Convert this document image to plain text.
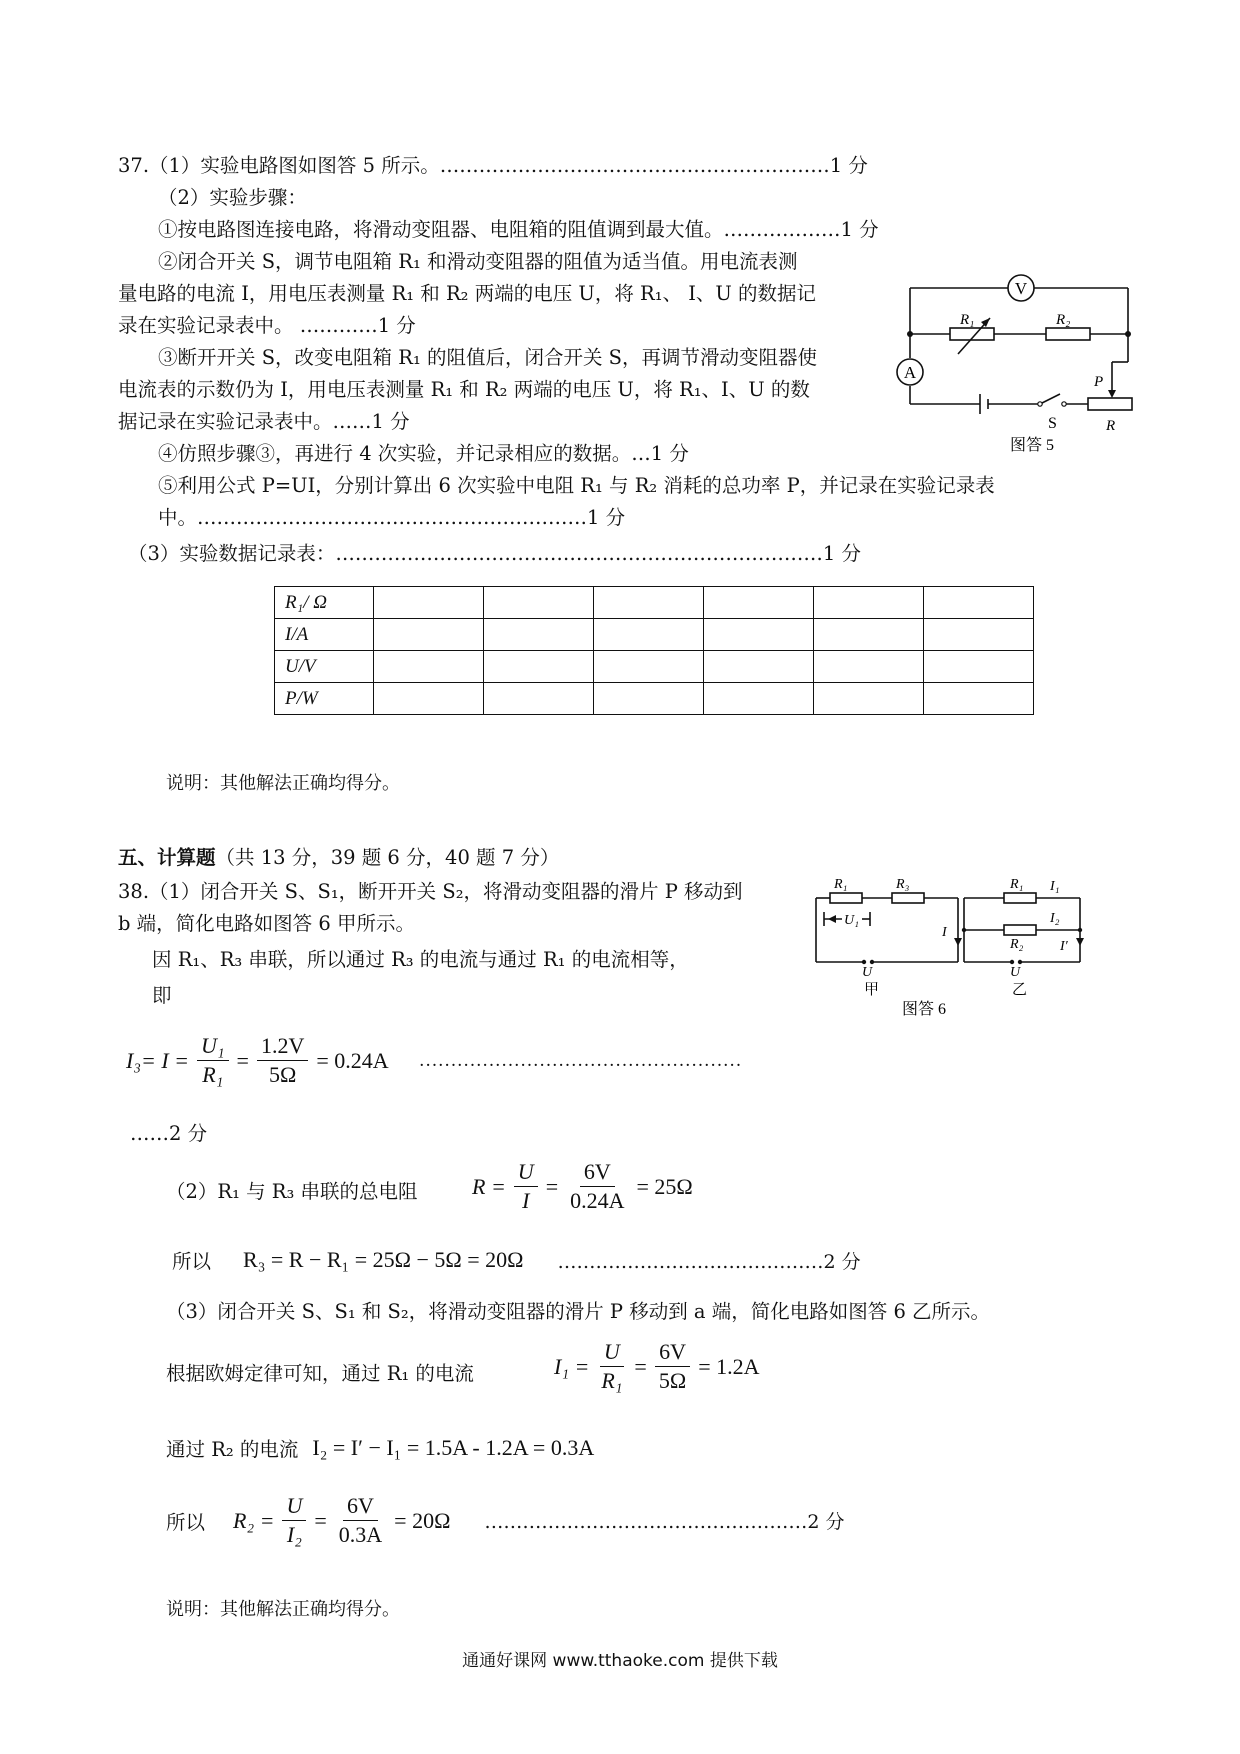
37.（1）实验电路图如图答 5 所示。……………………………………………………1 分
（2）实验步骤：
①按电路图连接电路，将滑动变阻器、电阻箱的阻值调到最大值。………………1 分
②闭合开关 S，调节电阻箱 R₁ 和滑动变阻器的阻值为适当值。用电流表测
量电路的电流 I，用电压表测量 R₁ 和 R₂ 两端的电压 U，将 R₁、 I、U 的数据记
录在实验记录表中。 …………1 分
③断开开关 S，改变电阻箱 R₁ 的阻值后，闭合开关 S，再调节滑动变阻器使
电流表的示数仍为 I，用电压表测量 R₁ 和 R₂ 两端的电压 U，将 R₁、I、U 的数
据记录在实验记录表中。……1 分
④仿照步骤③，再进行 4 次实验，并记录相应的数据。…1 分
⑤利用公式 P=UI，分别计算出 6 次实验中电阻 R₁ 与 R₂ 消耗的总功率 P，并记录在实验记录表
中。……………………………………………………1 分
（3）实验数据记录表：…………………………………………………………………1 分
V
A
R₁	R₂
P
S	R
图答 5
R₁/ Ω						
I/A						
U/V						
P/W						
说明：其他解法正确均得分。
五、计算题（共 13 分，39 题 6 分，40 题 7 分）
38.（1）闭合开关 S、S₁，断开开关 S₂，将滑动变阻器的滑片 P 移动到
b 端，简化电路如图答 6 甲所示。
因 R₁、R₃ 串联，所以通过 R₃ 的电流与通过 R₁ 的电流相等，
即
R₁	R₃
U₁
I
U
甲
R₁ I₁
I₂
R₂	I′
U
乙
图答 6
$I_3= I = \frac{\text{U₁}}{\text{R₁}} = \frac{1.2V}{5\Omega} = 0.24A$ ……………………………………………
……2 分
（2）R₁ 与 R₃ 串联的总电阻 $R = \frac{U}{I} = \frac{6V}{0.24A} = 25\Omega$
所以 R₃ = R − R₁ = 25Ω − 5Ω = 20Ω ……………………………………2 分
（3）闭合开关 S、S₁ 和 S₂，将滑动变阻器的滑片 P 移动到 a 端，简化电路如图答 6 乙所示。
根据欧姆定律可知，通过 R₁ 的电流	$I_1 = \frac{U}{\text{R₁}} = \frac{6V}{5\Omega} = 1.2A$
通过 R₂ 的电流 I₂ = I′ − I₁ = 1.5A - 1.2A = 0.3A
所以 $R_2 = \frac{U}{\text{I₂}} = \frac{6V}{0.3A} = 20\Omega$ ……………………………………………2 分
说明：其他解法正确均得分。
通通好课网 www.tthaoke.com 提供下载
